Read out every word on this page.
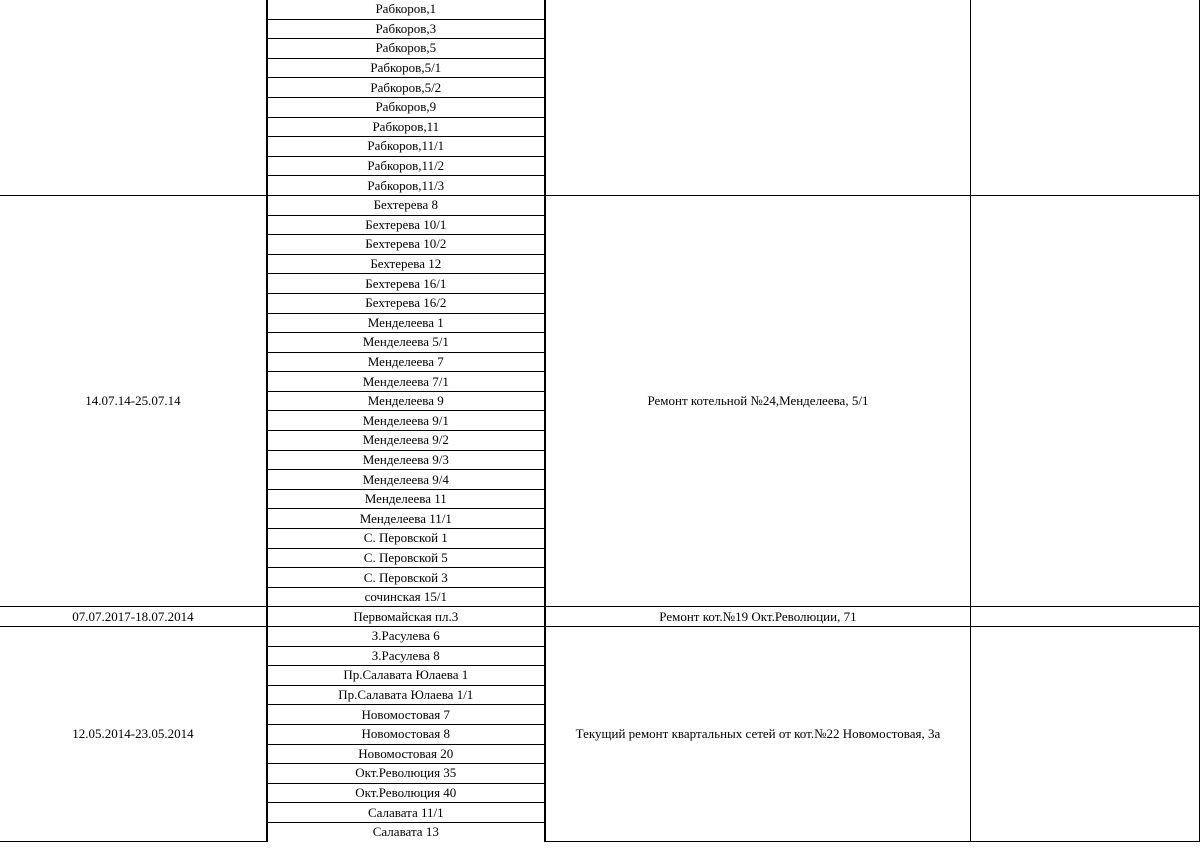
	Рабкоров,1		
	Рабкоров,3		
	Рабкоров,5		
	Рабкоров,5/1		
	Рабкоров,5/2		
	Рабкоров,9		
	Рабкоров,11		
	Рабкоров,11/1		
	Рабкоров,11/2		
	Рабкоров,11/3		
14.07.14-25.07.14	Бехтерева 8	Ремонт котельной №24,Менделеева, 5/1	
	Бехтерева 10/1		
	Бехтерева 10/2		
	Бехтерева 12		
	Бехтерева 16/1		
	Бехтерева 16/2		
	Менделеева 1		
	Менделеева 5/1		
	Менделеева 7		
	Менделеева 7/1		
	Менделеева 9		
	Менделеева 9/1		
	Менделеева 9/2		
	Менделеева 9/3		
	Менделеева 9/4		
	Менделеева 11		
	Менделеева 11/1		
	С. Перовской 1		
	С. Перовской 5		
	С. Перовской 3		
	сочинская 15/1		
07.07.2017-18.07.2014	Первомайская пл.3	Ремонт кот.№19 Окт.Революции, 71	
12.05.2014-23.05.2014	З.Расулева 6	Текущий ремонт квартальных сетей от кот.№22 Новомостовая, 3а	
	З.Расулева 8		
	Пр.Салавата Юлаева 1		
	Пр.Салавата Юлаева 1/1		
	Новомостовая 7		
	Новомостовая 8		
	Новомостовая 20		
	Окт.Революция 35		
	Окт.Революция 40		
	Салавата 11/1		
	Салавата 13		
